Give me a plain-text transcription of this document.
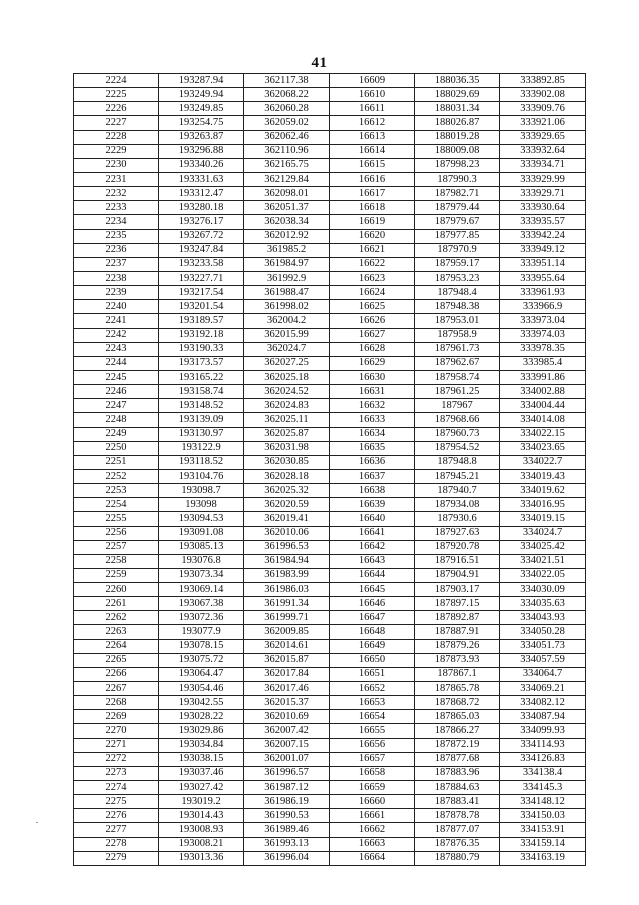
41
2224	193287.94	362117.38	16609	188036.35	333892.85
2225	193249.94	362068.22	16610	188029.69	333902.08
2226	193249.85	362060.28	16611	188031.34	333909.76
2227	193254.75	362059.02	16612	188026.87	333921.06
2228	193263.87	362062.46	16613	188019.28	333929.65
2229	193296.88	362110.96	16614	188009.08	333932.64
2230	193340.26	362165.75	16615	187998.23	333934.71
2231	193331.63	362129.84	16616	187990.3	333929.99
2232	193312.47	362098.01	16617	187982.71	333929.71
2233	193280.18	362051.37	16618	187979.44	333930.64
2234	193276.17	362038.34	16619	187979.67	333935.57
2235	193267.72	362012.92	16620	187977.85	333942.24
2236	193247.84	361985.2	16621	187970.9	333949.12
2237	193233.58	361984.97	16622	187959.17	333951.14
2238	193227.71	361992.9	16623	187953.23	333955.64
2239	193217.54	361988.47	16624	187948.4	333961.93
2240	193201.54	361998.02	16625	187948.38	333966.9
2241	193189.57	362004.2	16626	187953.01	333973.04
2242	193192.18	362015.99	16627	187958.9	333974.03
2243	193190.33	362024.7	16628	187961.73	333978.35
2244	193173.57	362027.25	16629	187962.67	333985.4
2245	193165.22	362025.18	16630	187958.74	333991.86
2246	193158.74	362024.52	16631	187961.25	334002.88
2247	193148.52	362024.83	16632	187967	334004.44
2248	193139.09	362025.11	16633	187968.66	334014.08
2249	193130.97	362025.87	16634	187960.73	334022.15
2250	193122.9	362031.98	16635	187954.52	334023.65
2251	193118.52	362030.85	16636	187948.8	334022.7
2252	193104.76	362028.18	16637	187945.21	334019.43
2253	193098.7	362025.32	16638	187940.7	334019.62
2254	193098	362020.59	16639	187934.08	334016.95
2255	193094.53	362019.41	16640	187930.6	334019.15
2256	193091.08	362010.06	16641	187927.63	334024.7
2257	193085.13	361996.53	16642	187920.78	334025.42
2258	193076.8	361984.94	16643	187916.51	334021.51
2259	193073.34	361983.99	16644	187904.91	334022.05
2260	193069.14	361986.03	16645	187903.17	334030.09
2261	193067.38	361991.34	16646	187897.15	334035.63
2262	193072.36	361999.71	16647	187892.87	334043.93
2263	193077.9	362009.85	16648	187887.91	334050.28
2264	193078.15	362014.61	16649	187879.26	334051.73
2265	193075.72	362015.87	16650	187873.93	334057.59
2266	193064.47	362017.84	16651	187867.1	334064.7
2267	193054.46	362017.46	16652	187865.78	334069.21
2268	193042.55	362015.37	16653	187868.72	334082.12
2269	193028.22	362010.69	16654	187865.03	334087.94
2270	193029.86	362007.42	16655	187866.27	334099.93
2271	193034.84	362007.15	16656	187872.19	334114.93
2272	193038.15	362001.07	16657	187877.68	334126.83
2273	193037.46	361996.57	16658	187883.96	334138.4
2274	193027.42	361987.12	16659	187884.63	334145.3
2275	193019.2	361986.19	16660	187883.41	334148.12
2276	193014.43	361990.53	16661	187878.78	334150.03
2277	193008.93	361989.46	16662	187877.07	334153.91
2278	193008.21	361993.13	16663	187876.35	334159.14
2279	193013.36	361996.04	16664	187880.79	334163.19
